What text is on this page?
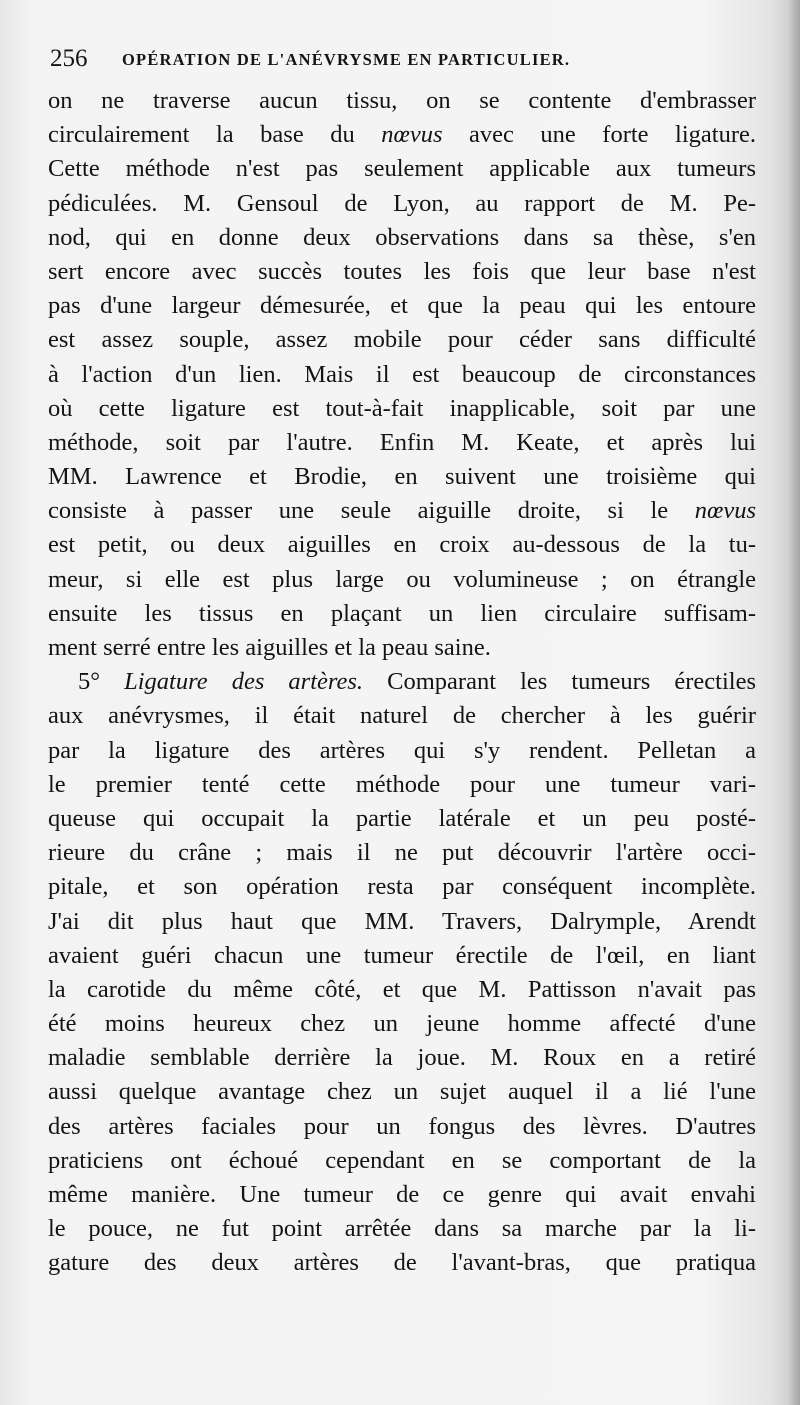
256 OPÉRATION DE L'ANÉVRYSME EN PARTICULIER.
on ne traverse aucun tissu, on se contente d'embrasser
circulairement la base du nœvus avec une forte ligature.
Cette méthode n'est pas seulement applicable aux tumeurs
pédiculées. M. Gensoul de Lyon, au rapport de M. Pe-
nod, qui en donne deux observations dans sa thèse, s'en
sert encore avec succès toutes les fois que leur base n'est
pas d'une largeur démesurée, et que la peau qui les entoure
est assez souple, assez mobile pour céder sans difficulté
à l'action d'un lien. Mais il est beaucoup de circonstances
où cette ligature est tout-à-fait inapplicable, soit par une
méthode, soit par l'autre. Enfin M. Keate, et après lui
MM. Lawrence et Brodie, en suivent une troisième qui
consiste à passer une seule aiguille droite, si le nœvus
est petit, ou deux aiguilles en croix au-dessous de la tu-
meur, si elle est plus large ou volumineuse ; on étrangle
ensuite les tissus en plaçant un lien circulaire suffisam-
ment serré entre les aiguilles et la peau saine.
5° Ligature des artères. Comparant les tumeurs érectiles
aux anévrysmes, il était naturel de chercher à les guérir
par la ligature des artères qui s'y rendent. Pelletan a
le premier tenté cette méthode pour une tumeur vari-
queuse qui occupait la partie latérale et un peu posté-
rieure du crâne ; mais il ne put découvrir l'artère occi-
pitale, et son opération resta par conséquent incomplète.
J'ai dit plus haut que MM. Travers, Dalrymple, Arendt
avaient guéri chacun une tumeur érectile de l'œil, en liant
la carotide du même côté, et que M. Pattisson n'avait pas
été moins heureux chez un jeune homme affecté d'une
maladie semblable derrière la joue. M. Roux en a retiré
aussi quelque avantage chez un sujet auquel il a lié l'une
des artères faciales pour un fongus des lèvres. D'autres
praticiens ont échoué cependant en se comportant de la
même manière. Une tumeur de ce genre qui avait envahi
le pouce, ne fut point arrêtée dans sa marche par la li-
gature des deux artères de l'avant-bras, que pratiqua
